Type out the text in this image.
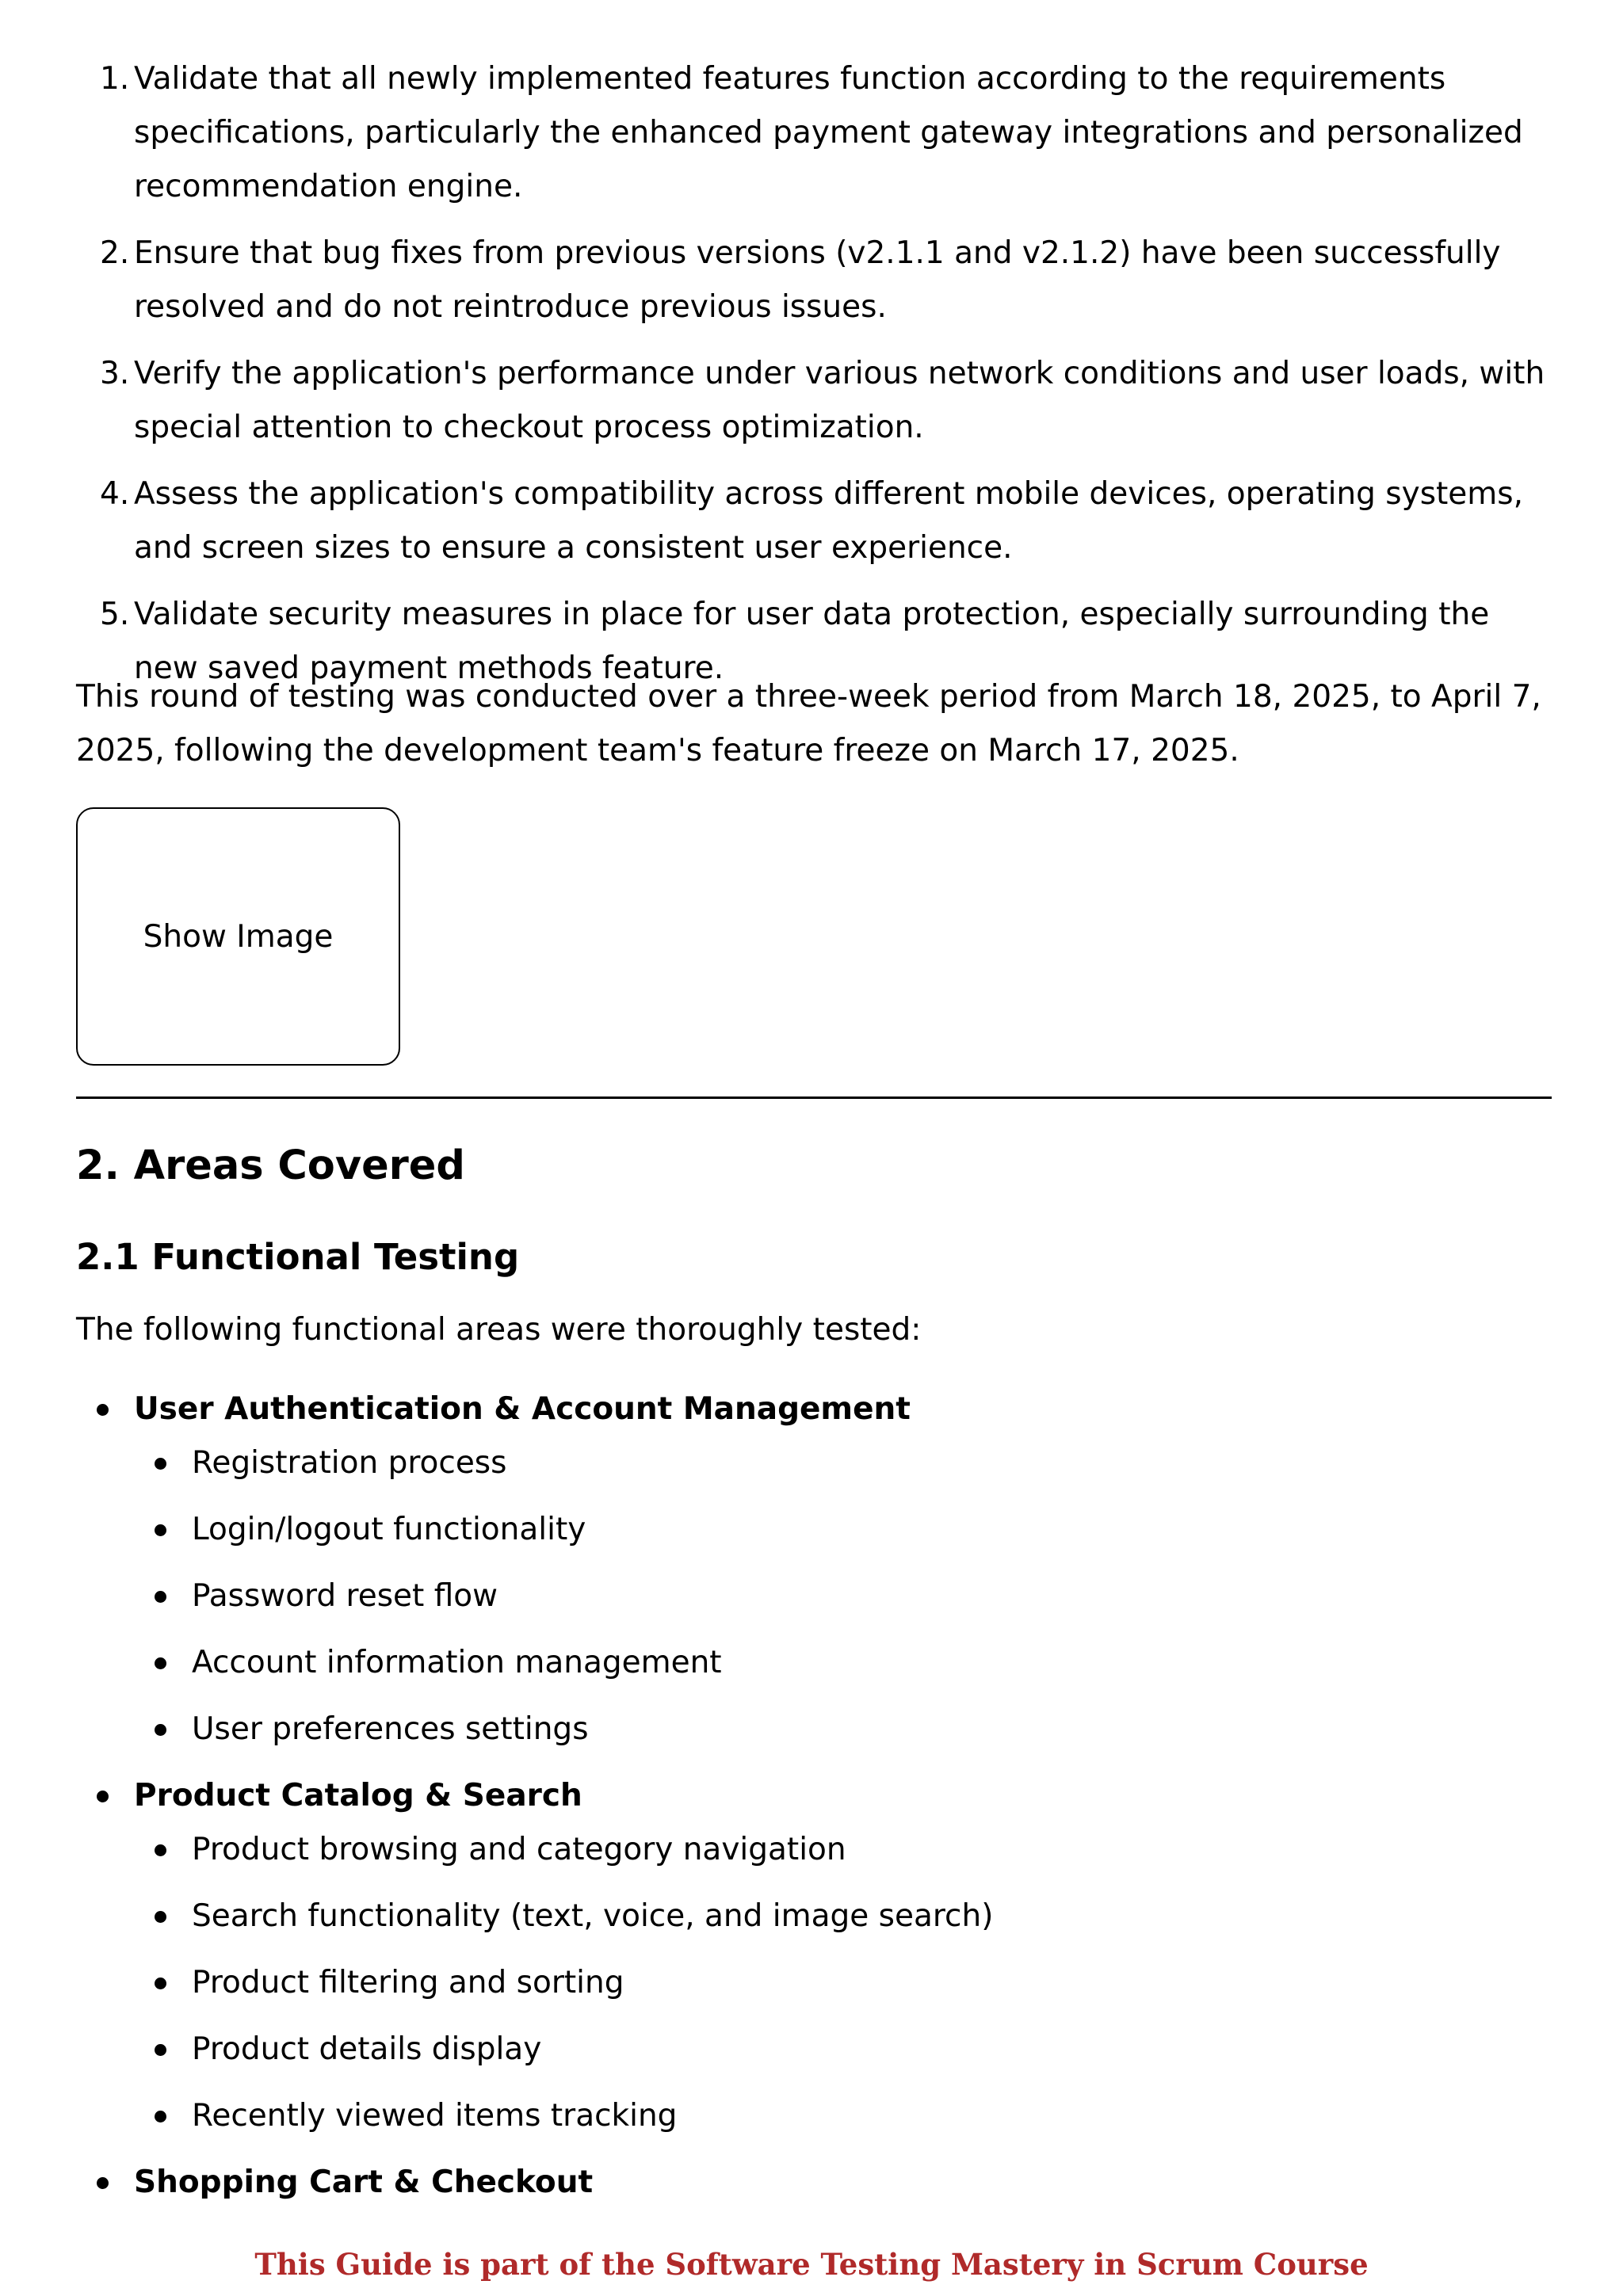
1. Validate that all newly implemented features function according to the requirements specifications, particularly the enhanced payment gateway integrations and personalized recommendation engine.
2. Ensure that bug fixes from previous versions (v2.1.1 and v2.1.2) have been successfully resolved and do not reintroduce previous issues.
3. Verify the application's performance under various network conditions and user loads, with special attention to checkout process optimization.
4. Assess the application's compatibility across different mobile devices, operating systems, and screen sizes to ensure a consistent user experience.
5. Validate security measures in place for user data protection, especially surrounding the new saved payment methods feature.

This round of testing was conducted over a three-week period from March 18, 2025, to April 7, 2025, following the development team's feature freeze on March 17, 2025.

Show Image
2. Areas Covered
2.1 Functional Testing

The following functional areas were thoroughly tested:

User Authentication & Account Management
Registration process
Login/logout functionality
Password reset flow
Account information management
User preferences settings
Product Catalog & Search
Product browsing and category navigation
Search functionality (text, voice, and image search)
Product filtering and sorting
Product details display
Recently viewed items tracking
Shopping Cart & Checkout
This Guide is part of the Software Testing Mastery in Scrum Course
